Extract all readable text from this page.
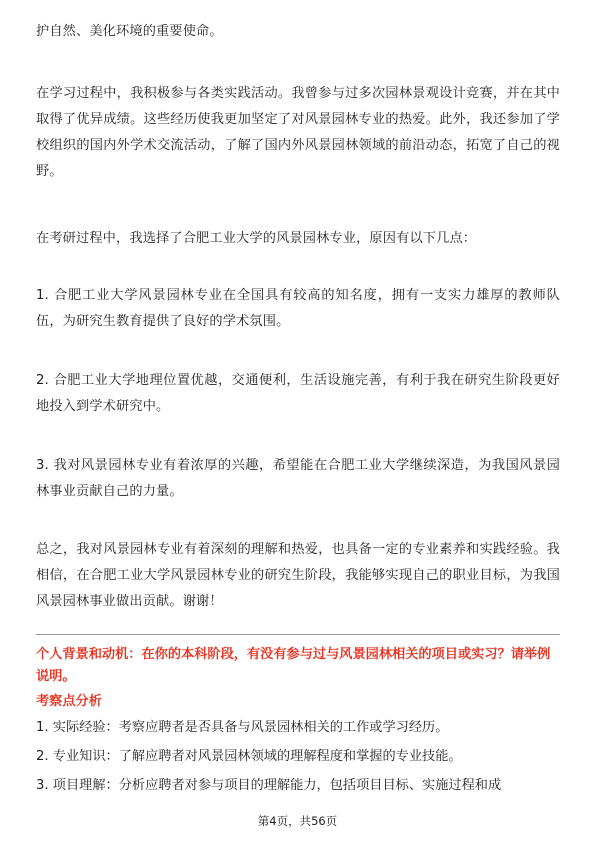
护自然、美化环境的重要使命。

在学习过程中，我积极参与各类实践活动。我曾参与过多次园林景观设计竞赛，并在其中取得了优异成绩。这些经历使我更加坚定了对风景园林专业的热爱。此外，我还参加了学校组织的国内外学术交流活动，了解了国内外风景园林领域的前沿动态，拓宽了自己的视野。

在考研过程中，我选择了合肥工业大学的风景园林专业，原因有以下几点：

1. 合肥工业大学风景园林专业在全国具有较高的知名度，拥有一支实力雄厚的教师队伍，为研究生教育提供了良好的学术氛围。

2. 合肥工业大学地理位置优越，交通便利，生活设施完善，有利于我在研究生阶段更好地投入到学术研究中。

3. 我对风景园林专业有着浓厚的兴趣，希望能在合肥工业大学继续深造，为我国风景园林事业贡献自己的力量。

总之，我对风景园林专业有着深刻的理解和热爱，也具备一定的专业素养和实践经验。我相信，在合肥工业大学风景园林专业的研究生阶段，我能够实现自己的职业目标，为我国风景园林事业做出贡献。谢谢！

个人背景和动机：在你的本科阶段，有没有参与过与风景园林相关的项目或实习？请举例说明。

考察点分析

1. 实际经验：考察应聘者是否具备与风景园林相关的工作或学习经历。

2. 专业知识：了解应聘者对风景园林领域的理解程度和掌握的专业技能。

3. 项目理解：分析应聘者对参与项目的理解能力，包括项目目标、实施过程和成

第4页，共56页
